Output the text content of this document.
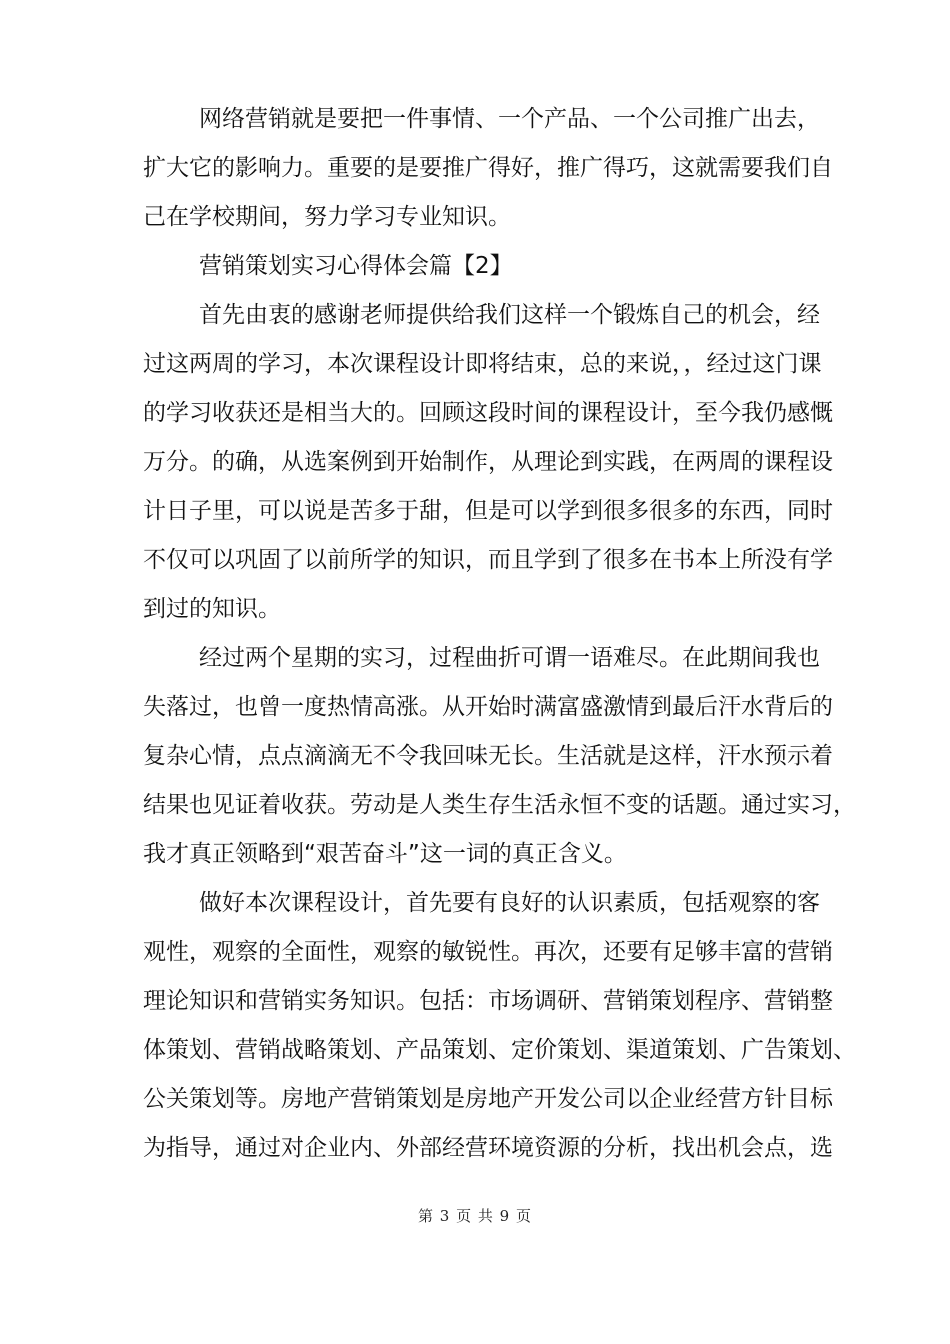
网络营销就是要把一件事情、一个产品、一个公司推广出去，
扩大它的影响力。重要的是要推广得好，推广得巧，这就需要我们自
己在学校期间，努力学习专业知识。
营销策划实习心得体会篇【2】
首先由衷的感谢老师提供给我们这样一个锻炼自己的机会，经
过这两周的学习，本次课程设计即将结束，总的来说，，经过这门课
的学习收获还是相当大的。回顾这段时间的课程设计，至今我仍感慨
万分。的确，从选案例到开始制作，从理论到实践，在两周的课程设
计日子里，可以说是苦多于甜，但是可以学到很多很多的东西，同时
不仅可以巩固了以前所学的知识，而且学到了很多在书本上所没有学
到过的知识。
经过两个星期的实习，过程曲折可谓一语难尽。在此期间我也
失落过，也曾一度热情高涨。从开始时满富盛激情到最后汗水背后的
复杂心情，点点滴滴无不令我回味无长。生活就是这样，汗水预示着
结果也见证着收获。劳动是人类生存生活永恒不变的话题。通过实习，
我才真正领略到“艰苦奋斗”这一词的真正含义。
做好本次课程设计，首先要有良好的认识素质，包括观察的客
观性，观察的全面性，观察的敏锐性。再次，还要有足够丰富的营销
理论知识和营销实务知识。包括：市场调研、营销策划程序、营销整
体策划、营销战略策划、产品策划、定价策划、渠道策划、广告策划、
公关策划等。房地产营销策划是房地产开发公司以企业经营方针目标
为指导，通过对企业内、外部经营环境资源的分析，找出机会点，选
第 3 页 共 9 页
